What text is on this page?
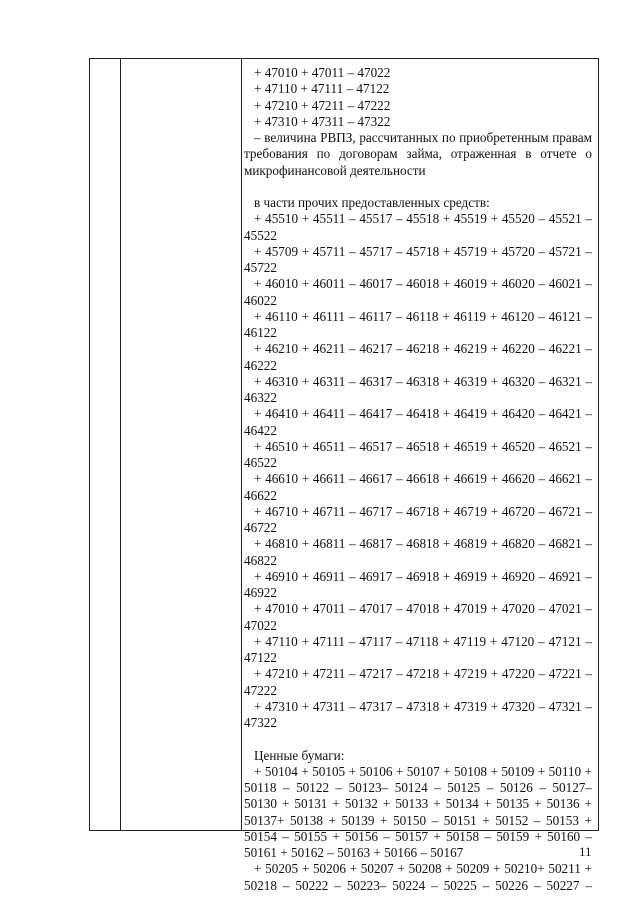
+ 47010 + 47011 – 47022
+ 47110 + 47111 – 47122
+ 47210 + 47211 – 47222
+ 47310 + 47311 – 47322
– величина РВПЗ, рассчитанных по приобретенным правам
требования по договорам займа, отраженная в отчете о
микрофинансовой деятельности
в части прочих предоставленных средств:
+ 45510 + 45511 – 45517 – 45518 + 45519 + 45520 – 45521 –
45522
+ 45709 + 45711 – 45717 – 45718 + 45719 + 45720 – 45721 –
45722
+ 46010 + 46011 – 46017 – 46018 + 46019 + 46020 – 46021 –
46022
+ 46110 + 46111 – 46117 – 46118 + 46119 + 46120 – 46121 –
46122
+ 46210 + 46211 – 46217 – 46218 + 46219 + 46220 – 46221 –
46222
+ 46310 + 46311 – 46317 – 46318 + 46319 + 46320 – 46321 –
46322
+ 46410 + 46411 – 46417 – 46418 + 46419 + 46420 – 46421 –
46422
+ 46510 + 46511 – 46517 – 46518 + 46519 + 46520 – 46521 –
46522
+ 46610 + 46611 – 46617 – 46618 + 46619 + 46620 – 46621 –
46622
+ 46710 + 46711 – 46717 – 46718 + 46719 + 46720 – 46721 –
46722
+ 46810 + 46811 – 46817 – 46818 + 46819 + 46820 – 46821 –
46822
+ 46910 + 46911 – 46917 – 46918 + 46919 + 46920 – 46921 –
46922
+ 47010 + 47011 – 47017 – 47018 + 47019 + 47020 – 47021 –
47022
+ 47110 + 47111 – 47117 – 47118 + 47119 + 47120 – 47121 –
47122
+ 47210 + 47211 – 47217 – 47218 + 47219 + 47220 – 47221 –
47222
+ 47310 + 47311 – 47317 – 47318 + 47319 + 47320 – 47321 –
47322
Ценные бумаги:
+ 50104 + 50105 + 50106 + 50107 + 50108 + 50109 + 50110 +
50118 – 50122 – 50123– 50124 – 50125 – 50126 – 50127–
50130 + 50131 + 50132 + 50133 + 50134 + 50135 + 50136 +
50137+ 50138 + 50139 + 50150 – 50151 + 50152 – 50153 +
50154 – 50155 + 50156 – 50157 + 50158 – 50159 + 50160 –
50161 + 50162 – 50163 + 50166 – 50167
+ 50205 + 50206 + 50207 + 50208 + 50209 + 50210+ 50211 +
50218 – 50222 – 50223– 50224 – 50225 – 50226 – 50227 –
11
